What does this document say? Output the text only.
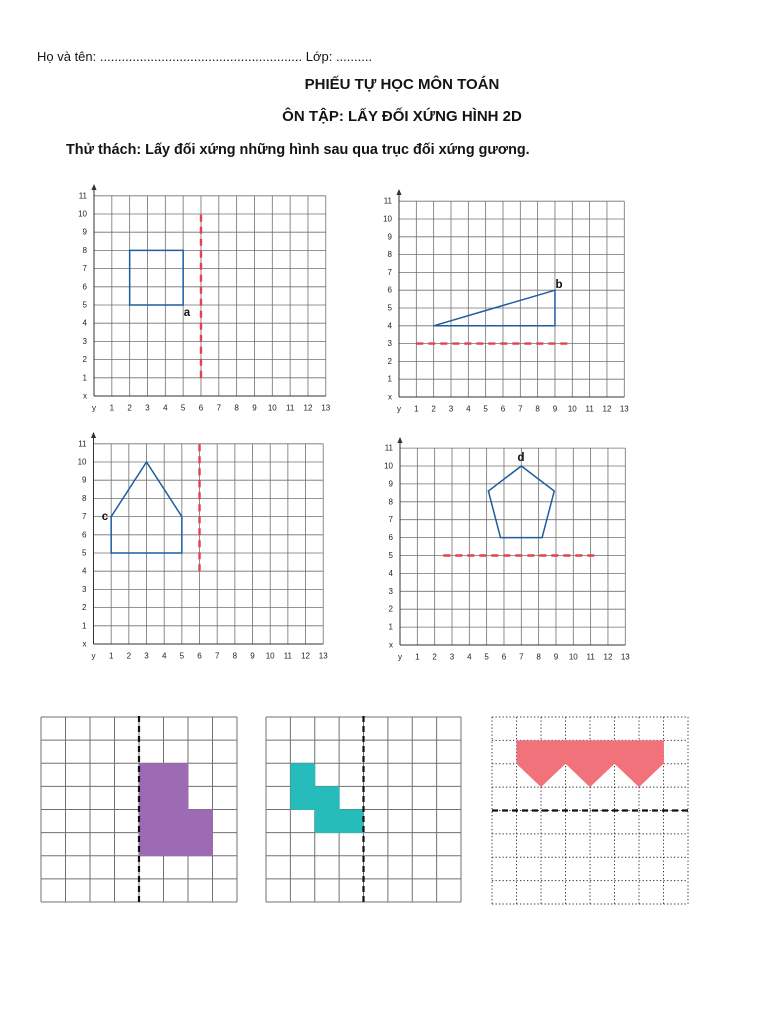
Họ và tên: ........................................................ Lớp: ..........
PHIẾU TỰ HỌC MÔN TOÁN
ÔN TẬP: LẤY ĐỐI XỨNG HÌNH 2D
Thử thách: Lấy đối xứng những hình sau qua trục đối xứng gương.
x
1
2
3
4
5
6
7
8
9
10
11
y 1 2 3 4 5 6 7 8 9 10 11 12 13
a
x
1
2
3
4
5
6
7
8
9
10
11
y 1 2 3 4 5 6 7 8 9 10 11 12 13
b
x
1
2
3
4
5
6
7
8
9
10
11
y 1 2 3 4 5 6 7 8 9 10 11 12 13
c
x
1
2
3
4
5
6
7
8
9
10
11
y 1 2 3 4 5 6 7 8 9 10 11 12 13
d
